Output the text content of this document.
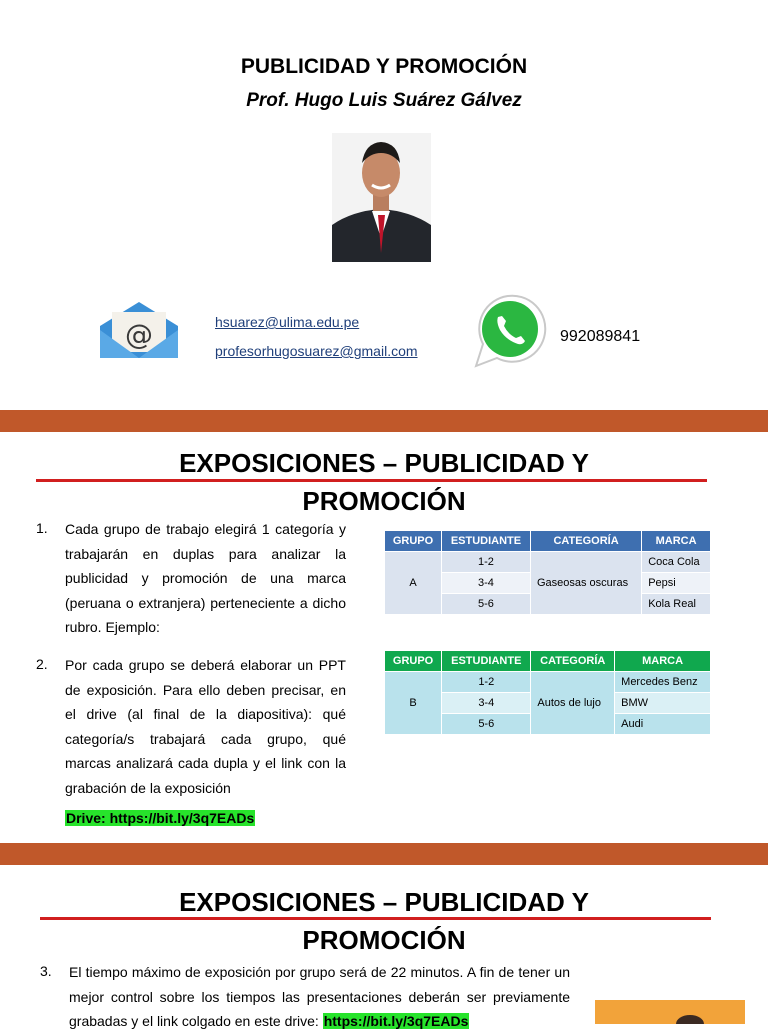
PUBLICIDAD Y PROMOCIÓN
Prof. Hugo Luis Suárez Gálvez
@	hsuarez@ulima.edu.pe
profesorhugosuarez@gmail.com
992089841
EXPOSICIONES – PUBLICIDAD Y
PROMOCIÓN
1. Cada grupo de trabajo elegirá 1 categoría y trabajarán en duplas para analizar la publicidad y promoción de una marca (peruana o extranjera) perteneciente a dicho rubro. Ejemplo:
2. Por cada grupo se deberá elaborar un PPT de exposición. Para ello deben precisar, en el drive (al final de la diapositiva): qué categoría/s trabajará cada grupo, qué marcas analizará cada dupla y el link con la grabación de la exposición
Drive: https://bit.ly/3q7EADs
GRUPO	ESTUDIANTE	CATEGORÍA	MARCA
A	1-2	Gaseosas oscuras	Coca Cola
	3-4		Pepsi
	5-6		Kola Real
GRUPO	ESTUDIANTE	CATEGORÍA	MARCA
B	1-2	Autos de lujo	Mercedes Benz
	3-4		BMW
	5-6		Audi
EXPOSICIONES – PUBLICIDAD Y
PROMOCIÓN
3. El tiempo máximo de exposición por grupo será de 22 minutos. A fin de tener un mejor control sobre los tiempos las presentaciones deberán ser previamente grabadas y el link colgado en este drive: https://bit.ly/3q7EADs
